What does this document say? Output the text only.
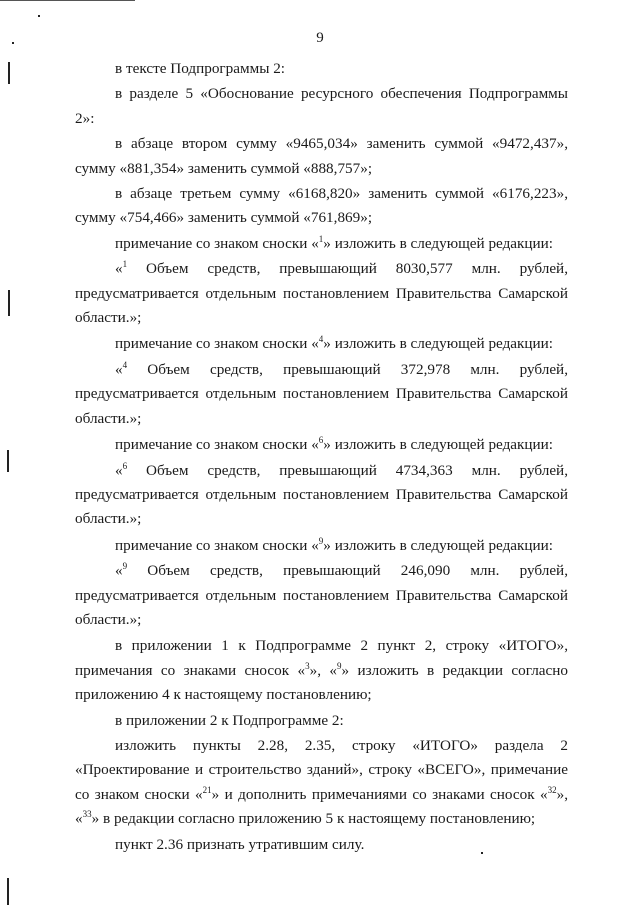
9

в тексте Подпрограммы 2:

в разделе 5 «Обоснование ресурсного обеспечения Подпрограммы 2»:

в абзаце втором сумму «9465,034» заменить суммой «9472,437», сумму «881,354» заменить суммой «888,757»;

в абзаце третьем сумму «6168,820» заменить суммой «6176,223», сумму «754,466» заменить суммой «761,869»;

примечание со знаком сноски «$^1$» изложить в следующей редакции:

«$^1$ Объем средств, превышающий 8030,577 млн. рублей, предусматривается отдельным постановлением Правительства Самарской области.»;

примечание со знаком сноски «$^4$» изложить в следующей редакции:

«$^4$ Объем средств, превышающий 372,978 млн. рублей, предусматривается отдельным постановлением Правительства Самарской области.»;

примечание со знаком сноски «$^6$» изложить в следующей редакции:

«$^6$ Объем средств, превышающий 4734,363 млн. рублей, предусматривается отдельным постановлением Правительства Самарской области.»;

примечание со знаком сноски «$^9$» изложить в следующей редакции:

«$^9$ Объем средств, превышающий 246,090 млн. рублей, предусматривается отдельным постановлением Правительства Самарской области.»;

в приложении 1 к Подпрограмме 2 пункт 2, строку «ИТОГО», примечания со знаками сносок «$^3$», «$^9$» изложить в редакции согласно приложению 4 к настоящему постановлению;

в приложении 2 к Подпрограмме 2:

изложить пункты 2.28, 2.35, строку «ИТОГО» раздела 2 «Проектирование и строительство зданий», строку «ВСЕГО», примечание со знаком сноски «$^{21}$» и дополнить примечаниями со знаками сносок «$^{32}$», «$^{33}$» в редакции согласно приложению 5 к настоящему постановлению;

пункт 2.36 признать утратившим силу.
